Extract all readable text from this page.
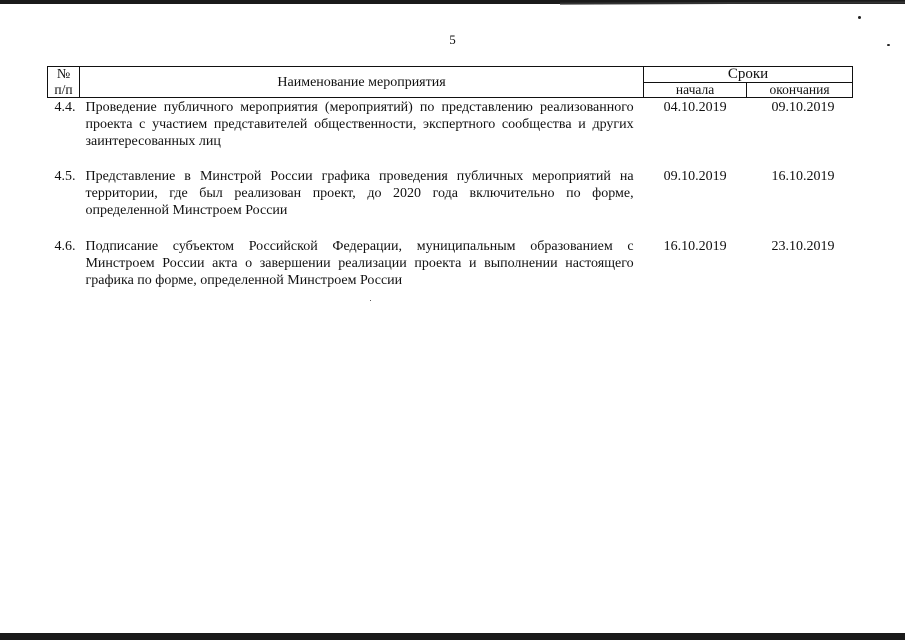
5
№	Наименование мероприятия	Сроки	
п/п		начала	окончания
4.4.	Проведение публичного мероприятия (мероприятий) по представлению реализованного проекта с участием представителей общественности, экспертного сообщества и других заинтересованных лиц	04.10.2019	09.10.2019
4.5.	Представление в Минстрой России графика проведения публичных мероприятий на территории, где был реализован проект, до 2020 года включительно по форме, определенной Минстроем России	09.10.2019	16.10.2019
4.6.	Подписание субъектом Российской Федерации, муниципальным образованием с Минстроем России акта о завершении реализации проекта и выполнении настоящего графика по форме, определенной Минстроем России	16.10.2019	23.10.2019
